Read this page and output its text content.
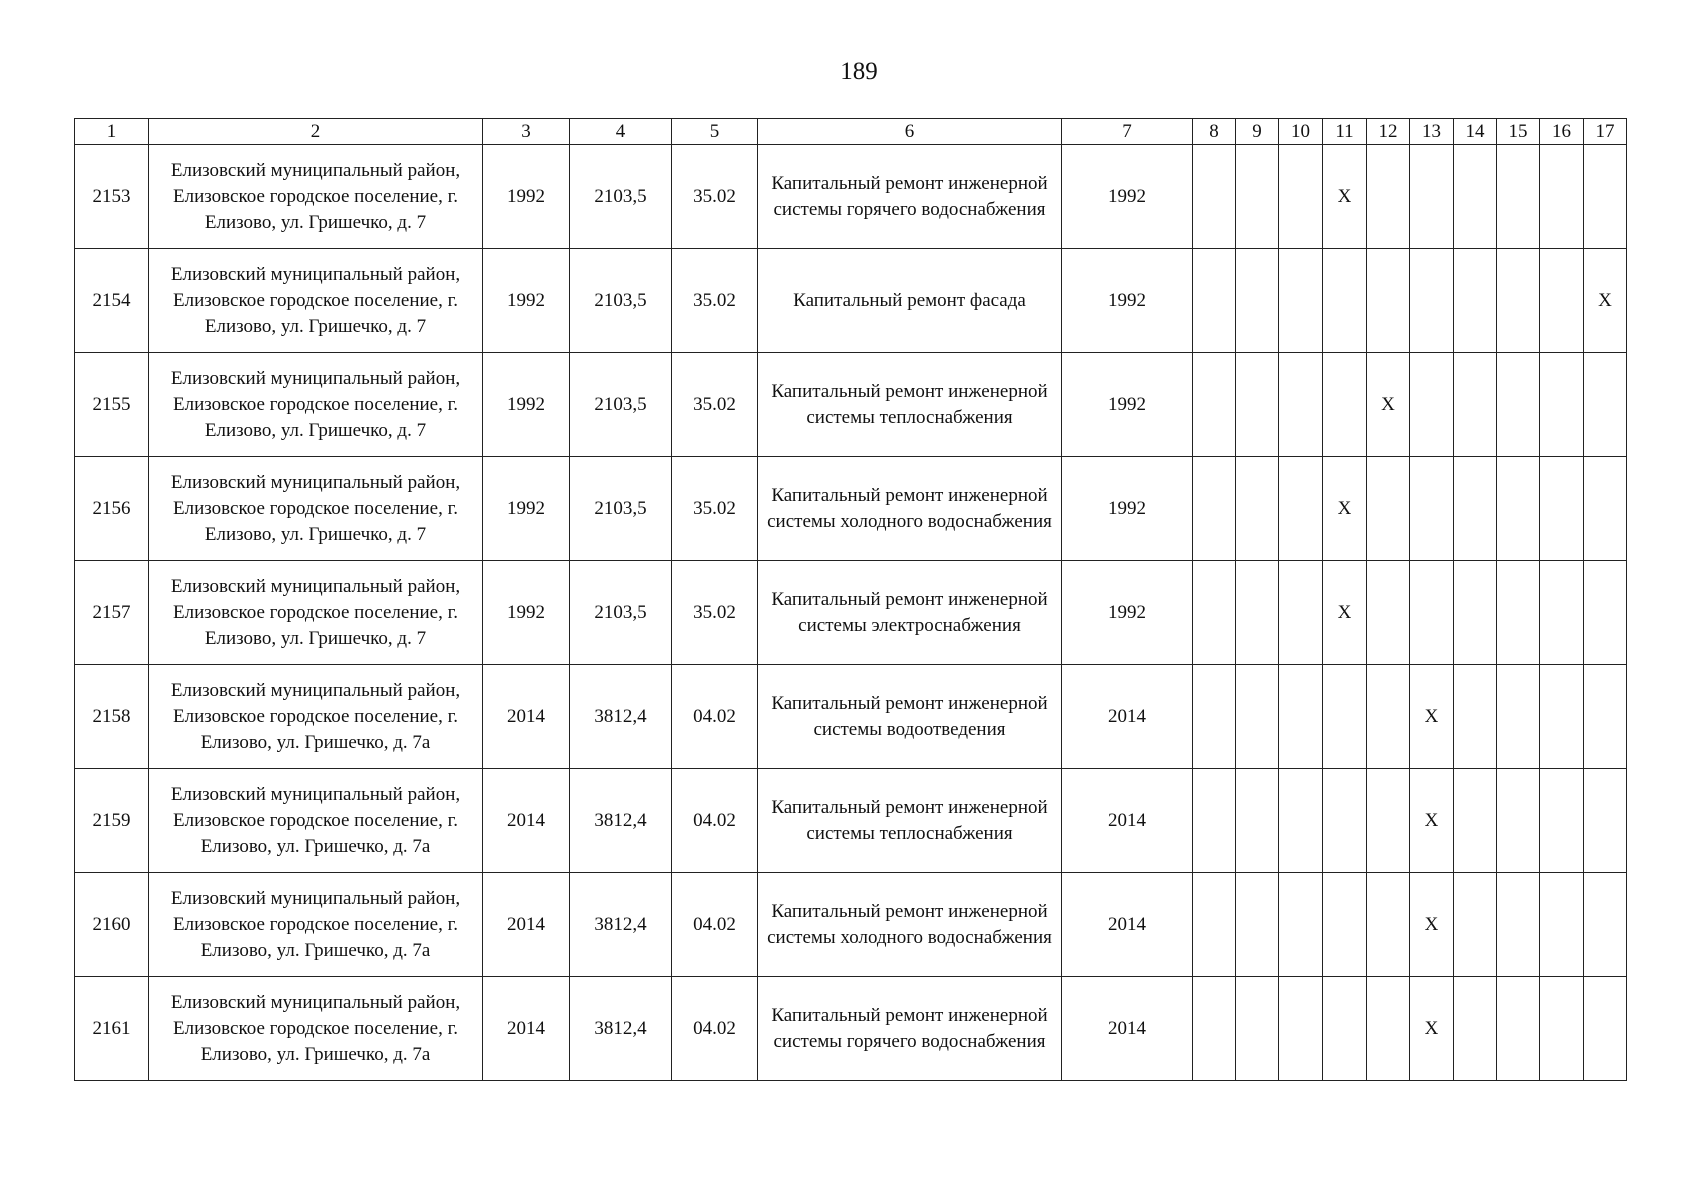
189
1	2	3	4	5	6	7	8	9	10	11	12	13	14	15	16	17
2153	Елизовский муниципальный район, Елизовское городское поселение, г. Елизово, ул. Гришечко, д. 7	1992	2103,5	35.02	Капитальный ремонт инженерной системы горячего водоснабжения	1992				X						
2154	Елизовский муниципальный район, Елизовское городское поселение, г. Елизово, ул. Гришечко, д. 7	1992	2103,5	35.02	Капитальный ремонт фасада	1992										X
2155	Елизовский муниципальный район, Елизовское городское поселение, г. Елизово, ул. Гришечко, д. 7	1992	2103,5	35.02	Капитальный ремонт инженерной системы теплоснабжения	1992					X					
2156	Елизовский муниципальный район, Елизовское городское поселение, г. Елизово, ул. Гришечко, д. 7	1992	2103,5	35.02	Капитальный ремонт инженерной системы холодного водоснабжения	1992				X						
2157	Елизовский муниципальный район, Елизовское городское поселение, г. Елизово, ул. Гришечко, д. 7	1992	2103,5	35.02	Капитальный ремонт инженерной системы электроснабжения	1992				X						
2158	Елизовский муниципальный район, Елизовское городское поселение, г. Елизово, ул. Гришечко, д. 7а	2014	3812,4	04.02	Капитальный ремонт инженерной системы водоотведения	2014						X				
2159	Елизовский муниципальный район, Елизовское городское поселение, г. Елизово, ул. Гришечко, д. 7а	2014	3812,4	04.02	Капитальный ремонт инженерной системы теплоснабжения	2014						X				
2160	Елизовский муниципальный район, Елизовское городское поселение, г. Елизово, ул. Гришечко, д. 7а	2014	3812,4	04.02	Капитальный ремонт инженерной системы холодного водоснабжения	2014						X				
2161	Елизовский муниципальный район, Елизовское городское поселение, г. Елизово, ул. Гришечко, д. 7а	2014	3812,4	04.02	Капитальный ремонт инженерной системы горячего водоснабжения	2014						X				
